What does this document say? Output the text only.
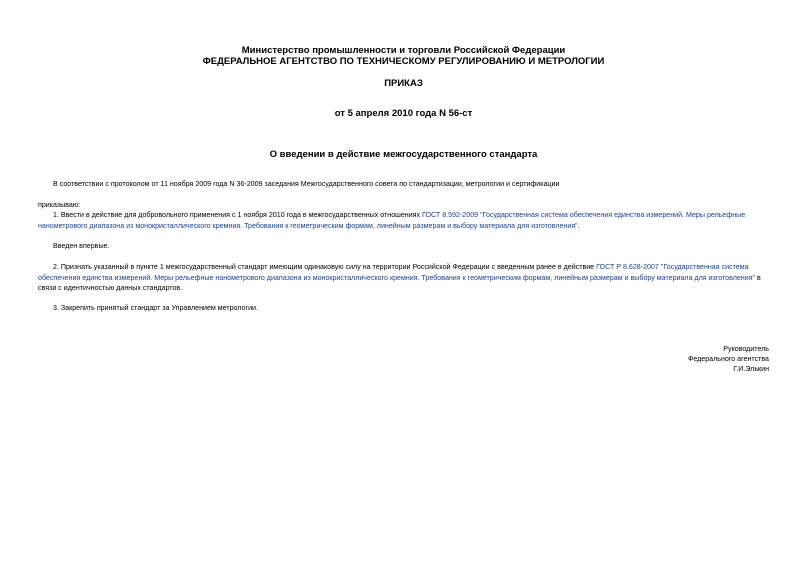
Министерство промышленности и торговли Российской Федерации
ФЕДЕРАЛЬНОЕ АГЕНТСТВО ПО ТЕХНИЧЕСКОМУ РЕГУЛИРОВАНИЮ И МЕТРОЛОГИИ
ПРИКАЗ
от 5 апреля 2010 года N 56-ст
О введении в действие межгосударственного стандарта
В соответствии с протоколом от 11 ноября 2009 года N 36-2009 заседания Межгосударственного совета по стандартизации, метрологии и сертификации
приказываю:
1. Ввести в действие для добровольного применения с 1 ноября 2010 года в межгосударственных отношениях ГОСТ 8.592-2009 "Государственная система обеспечения единства измерений. Меры рельефные нанометрового диапазона из монокристаллического кремния. Требования к геометрическим формам, линейным размерам и выбору материала для изготовления".
Введен впервые.
2. Признать указанный в пункте 1 межгосударственный стандарт имеющим одинаковую силу на территории Российской Федерации с введенным ранее в действие ГОСТ Р 8.628-2007 "Государственная система обеспечения единства измерений. Меры рельефные нанометрового диапазона из монокристаллического кремния. Требования к геометрическим формам, линейным размерам и выбору материала для изготовления" в связи с идентичностью данных стандартов.
3. Закрепить принятый стандарт за Управлением метрологии.
Руководитель
Федерального агентства
Г.И.Элькин
